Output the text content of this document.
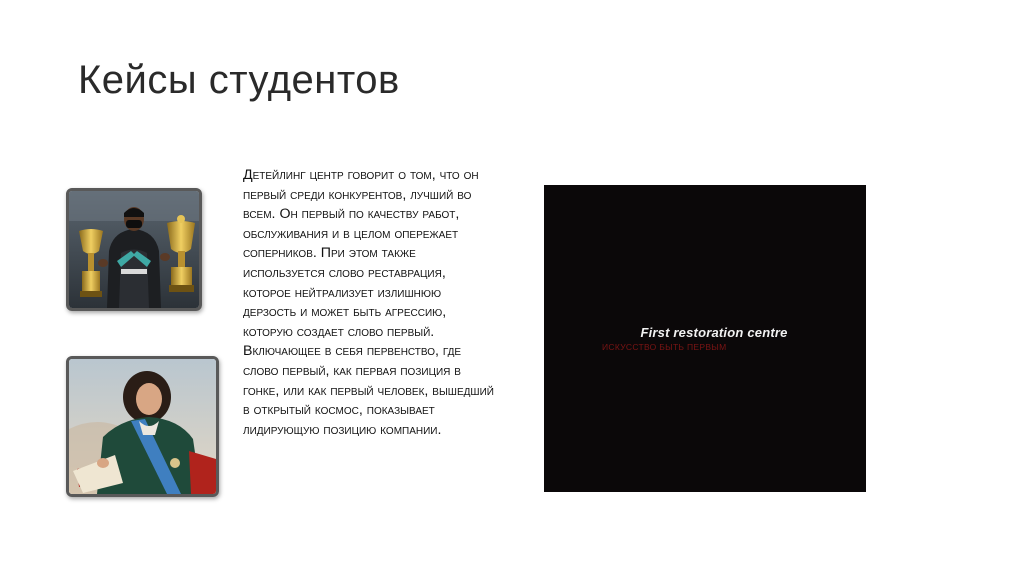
Кейсы студентов
Детейлинг центр говорит о том, что он первый среди конкурентов, лучший во всем. Он первый по качеству работ, обслуживания и в целом опережает соперников. При этом также используется слово реставрация, которое нейтрализует излишнюю дерзость и может быть агрессию, которую создает слово первый. Включающее в себя первенство, где слово первый, как первая позиция в гонке, или как первый человек, вышедший в открытый космос, показывает лидирующую позицию компании.
First restoration centre
ИСКУССТВО БЫТЬ ПЕРВЫМ
